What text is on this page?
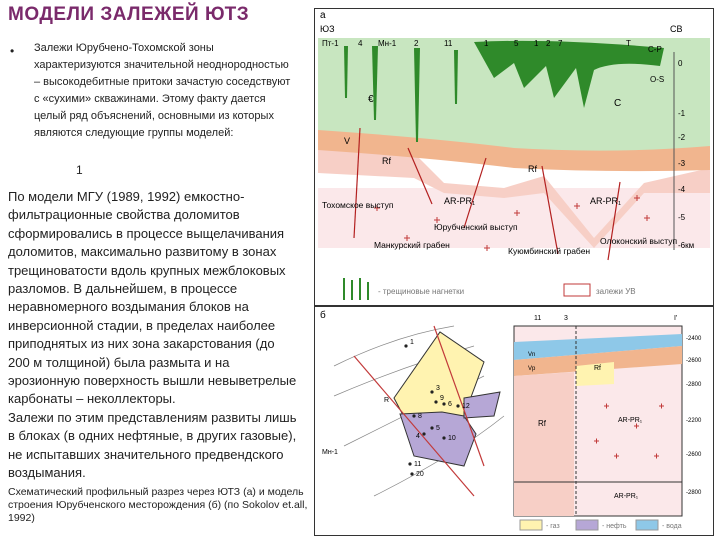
МОДЕЛИ ЗАЛЕЖЕЙ ЮТЗ
• Залежи Юрубчено-Тохомской зоны характеризуются значительной неоднородностью – высокодебитные притоки зачастую соседствуют с «сухими» скважинами. Этому факту дается целый ряд объяснений, основными из которых являются следующие группы моделей:
1
По модели МГУ (1989, 1992) емкостно-фильтрационные свойства доломитов сформировались в процессе выщелачивания доломитов, максимально развитому в зонах трещиноватости вдоль крупных межблоковых разломов. В дальнейшем, в процессе неравномерного воздымания блоков на инверсионной стадии, в пределах наиболее приподнятых из них зона закарстования (до 200 м толщиной) была размыта и на эрозионную поверхность вышли невыветрелые карбонаты – неколлекторы.
Залежи по этим представлениям развиты лишь в блоках (в одних нефтяные, в других газовые), не испытавших значительного предвендского воздымания.
Схематический профильный разрез через ЮТЗ (а) и модель строения Юрубченского месторождения (б) (по Sokolov et.all, 1992)
а
ЮЗ	СВ
Пт-1 4 Мн-1 2	11	1	5 1 2 7	Т
С-Р
€	С
O-S
V
Rf
Rf
AR-PR₁	AR-PR₁
0
-1
-2
-3
-4
-5
-6км
Тохомское выступ
Юрубченский выступ
Манкурский грабен
Куюмбинский грабен
Олоконский выступ
- трещиновые нагнетки	залежи УВ
б
1
3
9
6
8
12
5
4	10
11
20
R
Мн-1
11	3	I'
Rf
Rf
AR-PR₁
AR-PR₁
Vn
Vp
-2400
-2600
-2800
-2200
-2600
-2800
- газ	- нефть	- вода
